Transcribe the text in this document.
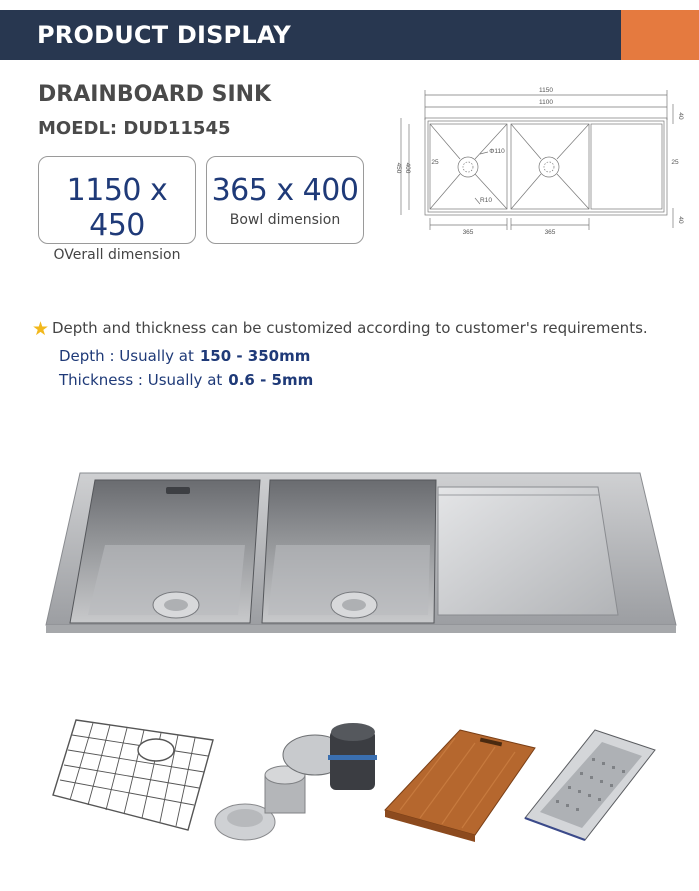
PRODUCT DISPLAY
DRAINBOARD SINK
MOEDL: DUD11545
1150 x 450
OVerall dimension
365 x 400
Bowl dimension
1150
1100
450 400
25	25
40
40
Φ110
R10
365	365
★ Depth and thickness can be customized according to customer's requirements.
Depth : Usually at 150 - 350mm
Thickness : Usually at 0.6 - 5mm
